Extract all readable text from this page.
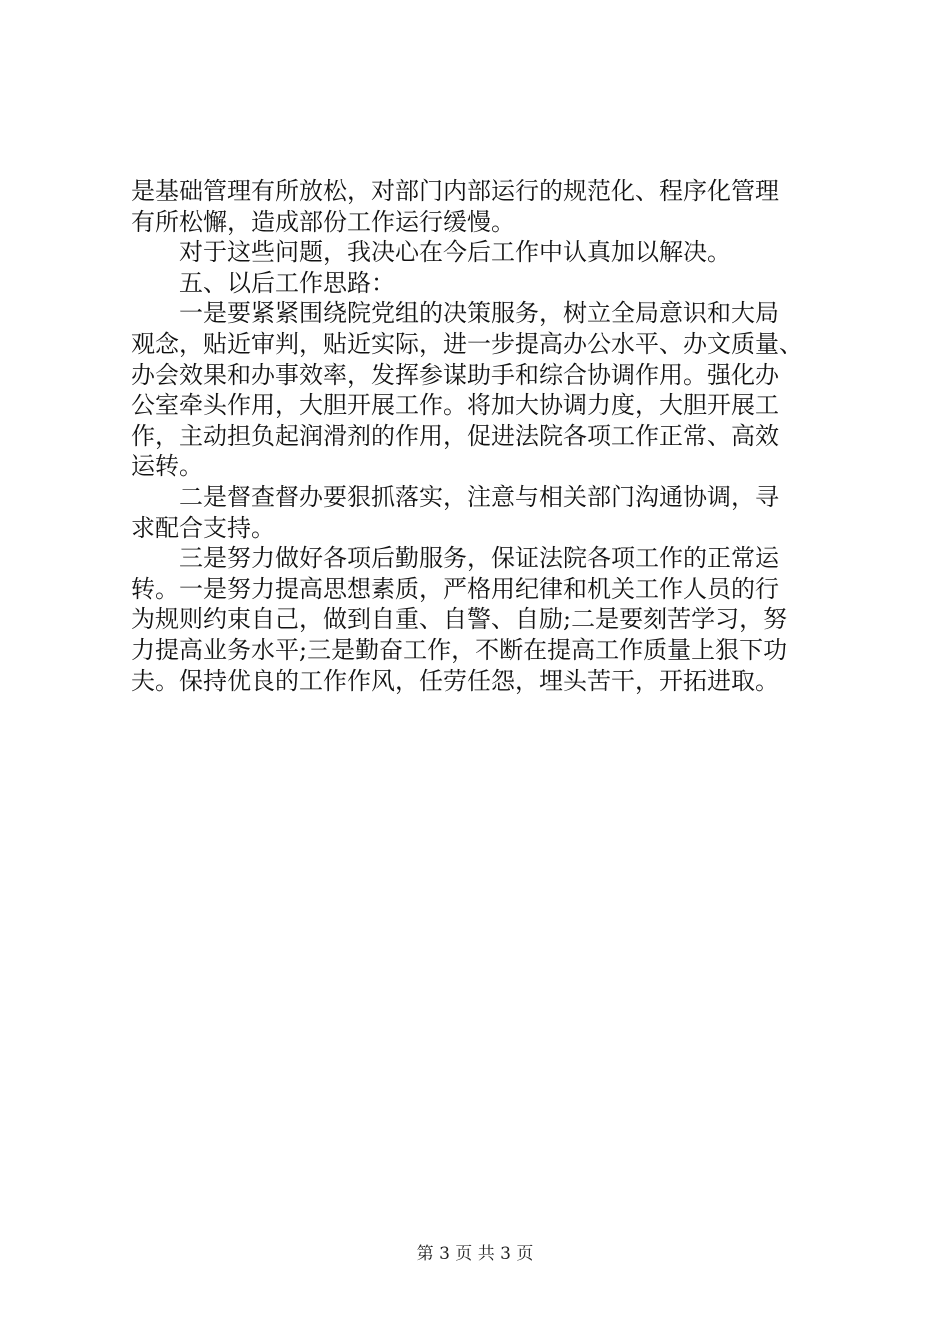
是基础管理有所放松，对部门内部运行的规范化、程序化管理
有所松懈，造成部份工作运行缓慢。
对于这些问题，我决心在今后工作中认真加以解决。
五、以后工作思路：
一是要紧紧围绕院党组的决策服务，树立全局意识和大局
观念，贴近审判，贴近实际，进一步提高办公水平、办文质量、
办会效果和办事效率，发挥参谋助手和综合协调作用。强化办
公室牵头作用，大胆开展工作。将加大协调力度，大胆开展工
作，主动担负起润滑剂的作用，促进法院各项工作正常、高效
运转。
二是督查督办要狠抓落实，注意与相关部门沟通协调，寻
求配合支持。
三是努力做好各项后勤服务，保证法院各项工作的正常运
转。一是努力提高思想素质，严格用纪律和机关工作人员的行
为规则约束自己，做到自重、自警、自励;二是要刻苦学习，努
力提高业务水平;三是勤奋工作，不断在提高工作质量上狠下功
夫。保持优良的工作作风，任劳任怨，埋头苦干，开拓进取。
第 3 页 共 3 页
